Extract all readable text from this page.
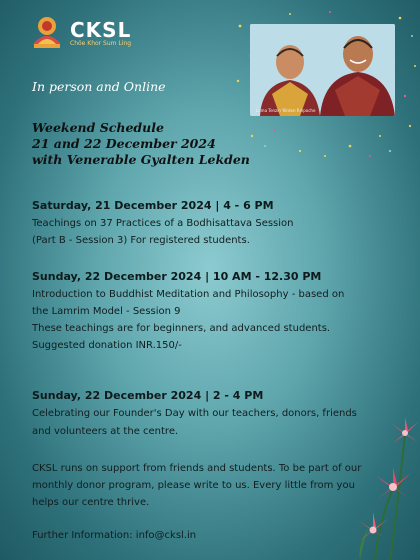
CKSL
Chöe Khor Sum Ling
Lama Tenzin Yönten Rinpoche
In person and Online
Weekend Schedule
21 and 22 December 2024
with Venerable Gyalten Lekden
Saturday, 21 December 2024 | 4 - 6 PM
Teachings on 37 Practices of a Bodhisattava Session
(Part B - Session 3) For registered students.
Sunday, 22 December 2024 | 10 AM - 12.30 PM
Introduction to Buddhist Meditation and Philosophy - based on
the Lamrim Model - Session 9
These teachings are for beginners, and advanced students.
Suggested donation INR.150/-
Sunday, 22 December 2024 | 2 - 4 PM
Celebrating our Founder's Day with our teachers, donors, friends
and volunteers at the centre.
CKSL runs on support from friends and students. To be part of our
monthly donor program, please write to us. Every little from you
helps our centre thrive.
Further Information: info@cksl.in
